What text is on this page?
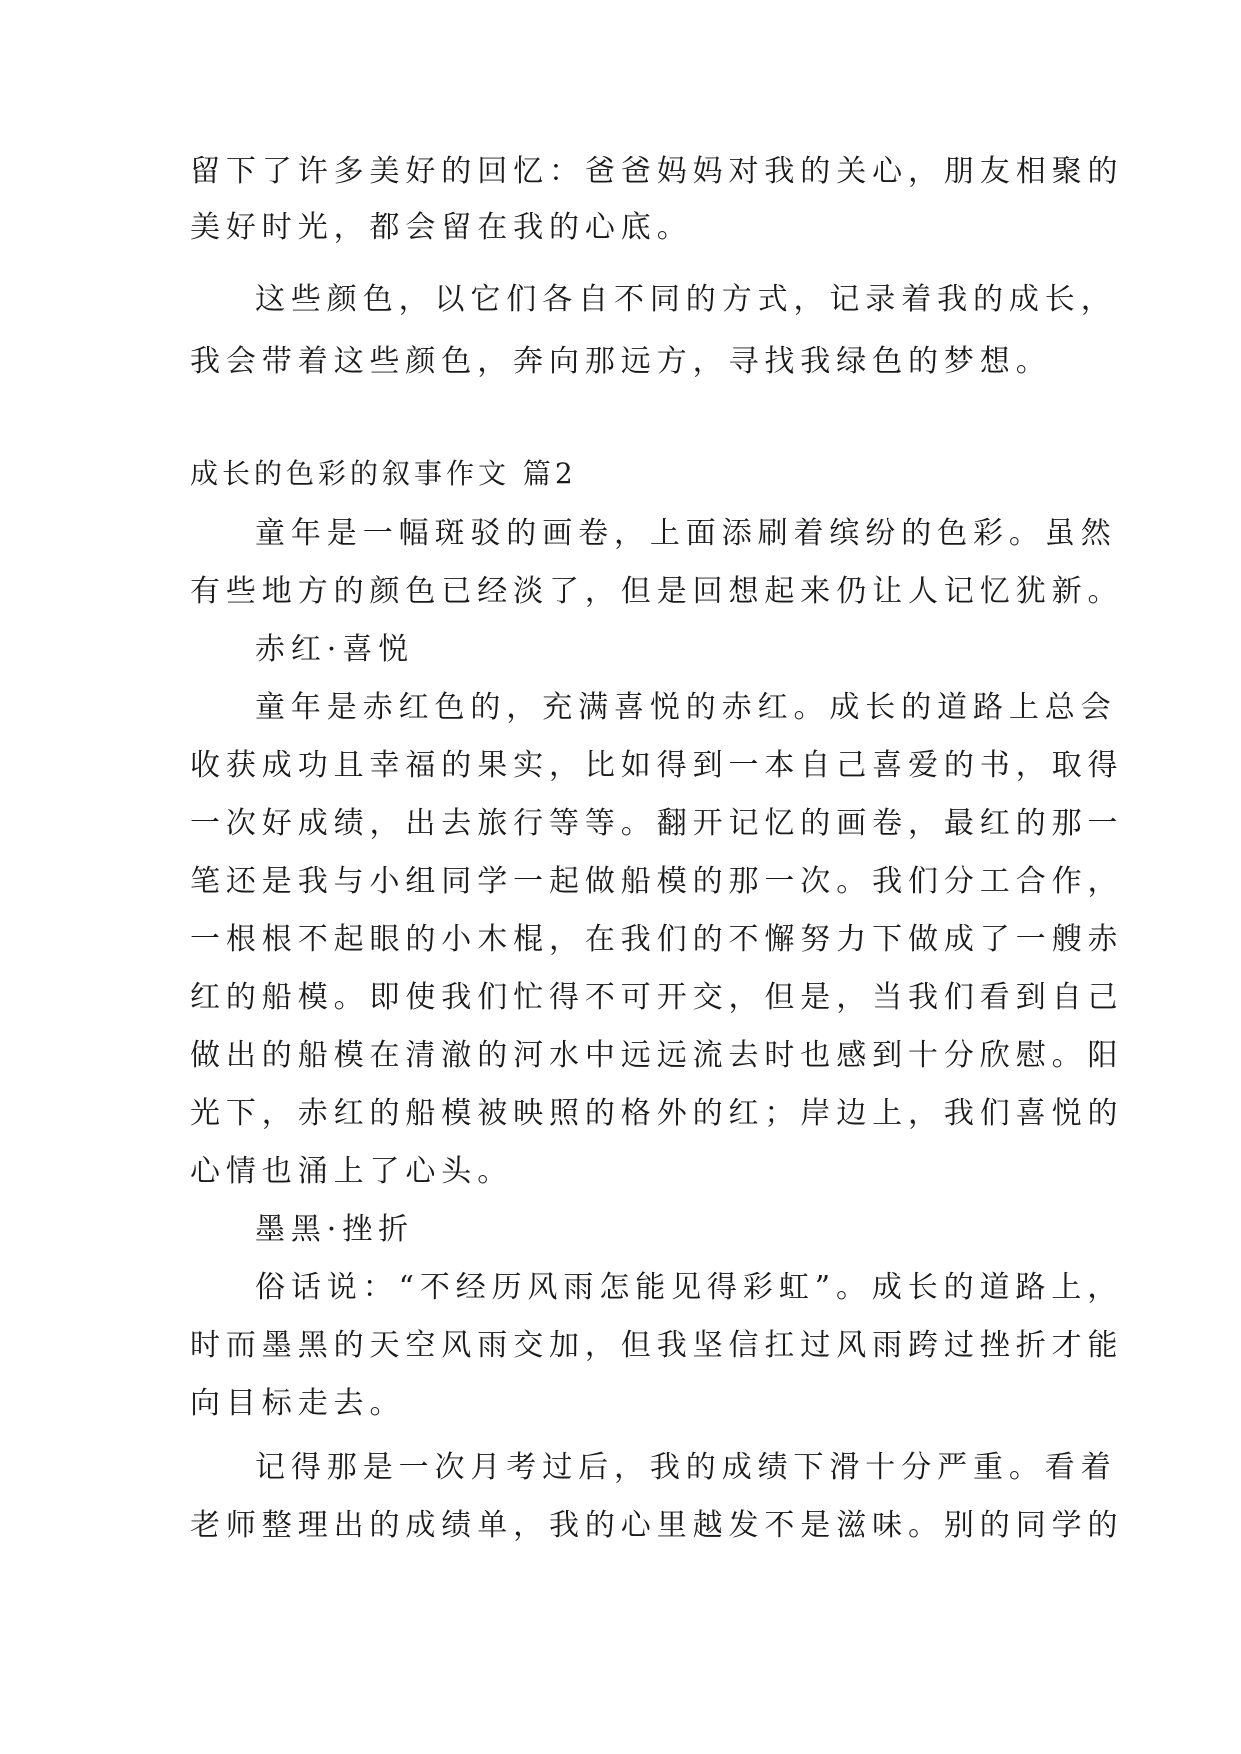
留下了许多美好的回忆：爸爸妈妈对我的关心，朋友相聚的
美好时光，都会留在我的心底。
这些颜色，以它们各自不同的方式，记录着我的成长，
我会带着这些颜色，奔向那远方，寻找我绿色的梦想。
成长的色彩的叙事作文 篇2
童年是一幅斑驳的画卷，上面添刷着缤纷的色彩。虽然
有些地方的颜色已经淡了，但是回想起来仍让人记忆犹新。
赤红·喜悦
童年是赤红色的，充满喜悦的赤红。成长的道路上总会
收获成功且幸福的果实，比如得到一本自己喜爱的书，取得
一次好成绩，出去旅行等等。翻开记忆的画卷，最红的那一
笔还是我与小组同学一起做船模的那一次。我们分工合作，
一根根不起眼的小木棍，在我们的不懈努力下做成了一艘赤
红的船模。即使我们忙得不可开交，但是，当我们看到自己
做出的船模在清澈的河水中远远流去时也感到十分欣慰。阳
光下，赤红的船模被映照的格外的红；岸边上，我们喜悦的
心情也涌上了心头。
墨黑·挫折
俗话说：“不经历风雨怎能见得彩虹”。成长的道路上，
时而墨黑的天空风雨交加，但我坚信扛过风雨跨过挫折才能
向目标走去。
记得那是一次月考过后，我的成绩下滑十分严重。看着
老师整理出的成绩单，我的心里越发不是滋味。别的同学的
